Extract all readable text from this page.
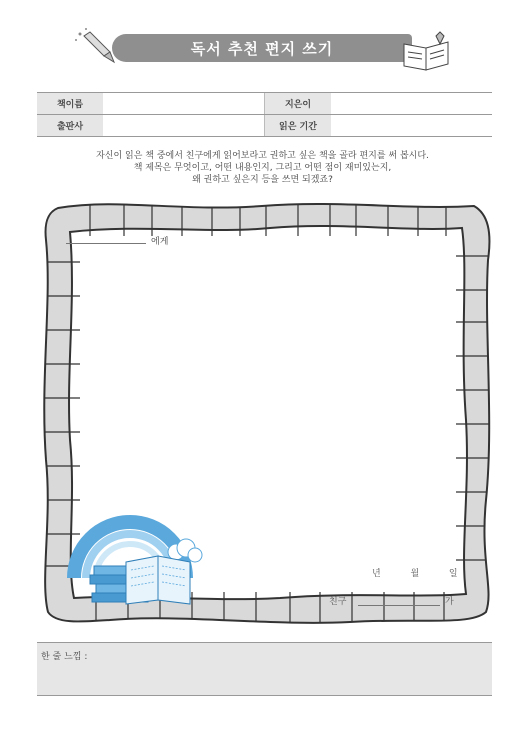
독서 추천 편지 쓰기
책이름		지은이	
출판사		읽은 기간	
자신이 읽은 책 중에서 친구에게 읽어보라고 권하고 싶은 책을 골라 편지를 써 봅시다.
책 제목은 무엇이고, 어떤 내용인지, 그리고 어떤 점이 재미있는지,
왜 권하고 싶은지 등을 쓰면 되겠죠?
에게
년	월	일
친구	가
한 줄 느낌 :
